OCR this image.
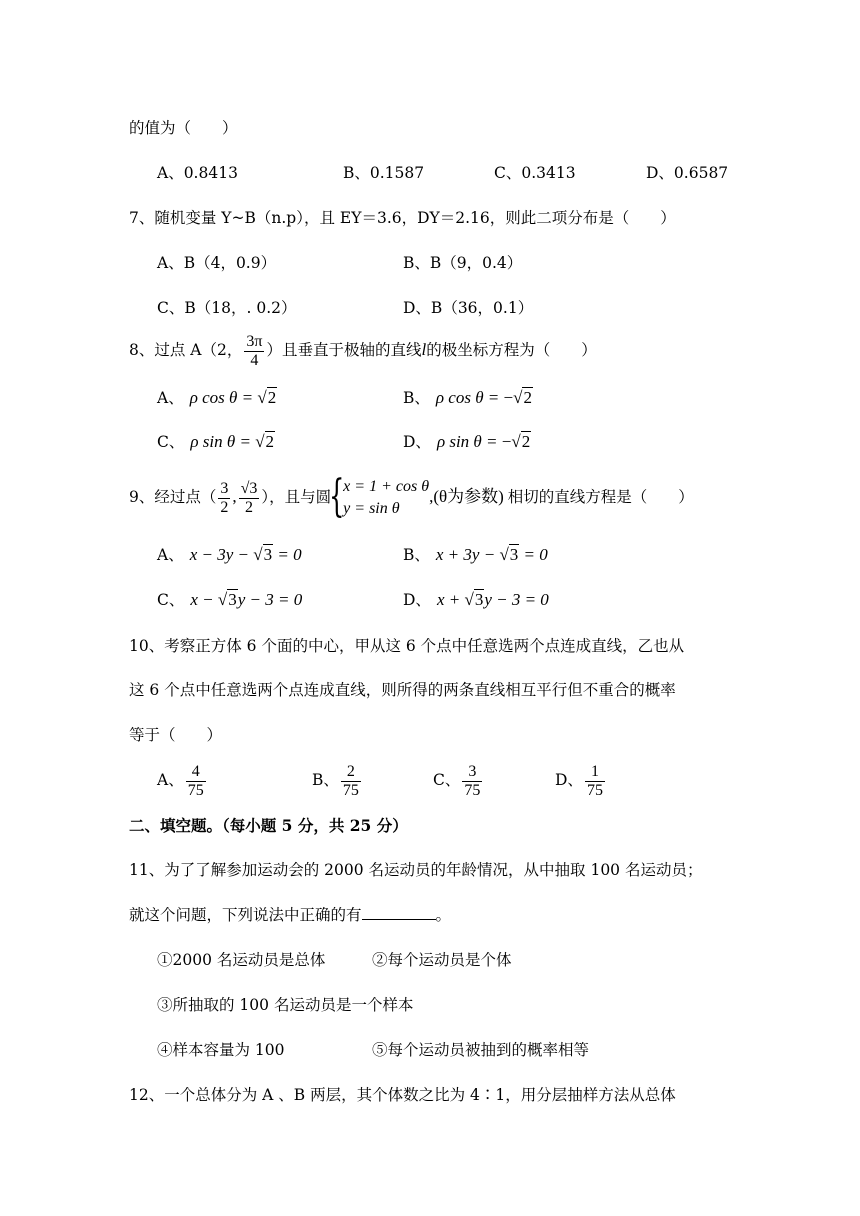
的值为（　　）
A、0.8413	B、0.1587	C、0.3413	D、0.6587
7、随机变量 Y~B（n.p），且 EY＝3.6，DY＝2.16，则此二项分布是（　　）
A、B（4，0.9）	B、B（9，0.4）
C、B（18，. 0.2）	D、B（36，0.1）
8、过点 A（2， $\frac{3\pi}{4}$ ）且垂直于极轴的直线l的极坐标方程为（　　）
A、 ρ cos θ = √2	B、 ρ cos θ = −√2
C、 ρ sin θ = √2	D、 ρ sin θ = −√2
9、经过点（ $\frac{3}{2}$ , $\frac{√3}{2}$ ），且与圆
{
x = 1 + cos θ
y = sin θ
,(θ为参数) 相切的直线方程是（　　）
A、 x − 3y − √3 = 0	B、 x + 3y − √3 = 0
C、 x − √3y − 3 = 0	D、 x + √3y − 3 = 0
10、考察正方体 6 个面的中心，甲从这 6 个点中任意选两个点连成直线，乙也从
这 6 个点中任意选两个点连成直线，则所得的两条直线相互平行但不重合的概率
等于（　　）
A、 $\frac{4}{75}$	B、 $\frac{2}{75}$	C、 $\frac{3}{75}$	D、 $\frac{1}{75}$
二、填空题。（每小题 5 分，共 25 分）
11、为了了解参加运动会的 2000 名运动员的年龄情况，从中抽取 100 名运动员；
就这个问题，下列说法中正确的有	。
①2000 名运动员是总体	②每个运动员是个体
③所抽取的 100 名运动员是一个样本
④样本容量为 100	⑤每个运动员被抽到的概率相等
12、一个总体分为 A 、B 两层，其个体数之比为 4∶1，用分层抽样方法从总体
